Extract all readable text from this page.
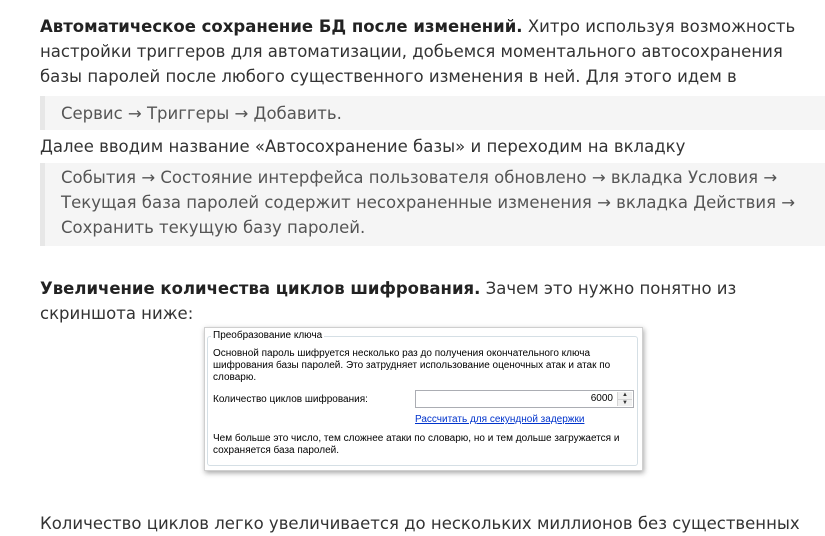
Автоматическое сохранение БД после изменений. Хитро используя возможность настройки триггеров для автоматизации, добьемся моментального автосохранения базы паролей после любого существенного изменения в ней. Для этого идем в

Сервис → Триггеры → Добавить.

Далее вводим название «Автосохранение базы» и переходим на вкладку

События → Состояние интерфейса пользователя обновлено → вкладка Условия → Текущая база паролей содержит несохраненные изменения → вкладка Действия → Сохранить текущую базу паролей.

Увеличение количества циклов шифрования. Зачем это нужно понятно из скриншота ниже:

Преобразование ключа
Основной пароль шифруется несколько раз до получения окончательного ключа шифрования базы паролей. Это затрудняет использование оценочных атак и атак по словарю.
Количество циклов шифрования:	6000	▲
▼
Рассчитать для секундной задержки
Чем больше это число, тем сложнее атаки по словарю, но и тем дольше загружается и сохраняется база паролей.

Количество циклов легко увеличивается до нескольких миллионов без существенных
